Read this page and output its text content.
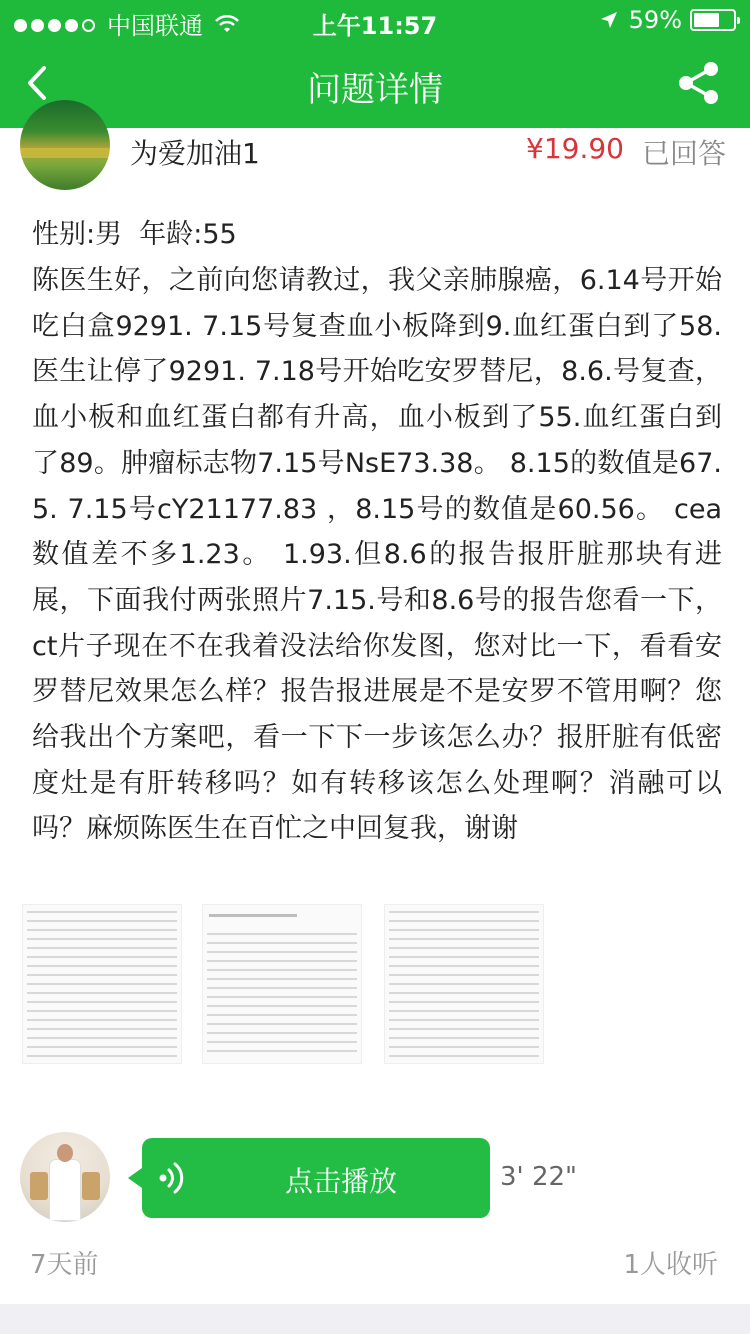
中国联通	上午11:57	59%
问题详情
为爱加油1	¥19.90 已回答
性别:男  年龄:55
陈医生好，之前向您请教过，我父亲肺腺癌，6.14号开始吃白盒9291. 7.15号复查血小板降到9.血红蛋白到了58.医生让停了9291. 7.18号开始吃安罗替尼，8.6.号复查，血小板和血红蛋白都有升高，血小板到了55.血红蛋白到了89。肿瘤标志物7.15号NsE73.38。 8.15的数值是67.5. 7.15号cY21177.83 ，8.15号的数值是60.56。 cea数值差不多1.23。 1.93.但8.6的报告报肝脏那块有进展，下面我付两张照片7.15.号和8.6号的报告您看一下，ct片子现在不在我着没法给你发图，您对比一下，看看安罗替尼效果怎么样？报告报进展是不是安罗不管用啊？您给我出个方案吧，看一下下一步该怎么办？报肝脏有低密度灶是有肝转移吗？如有转移该怎么处理啊？消融可以吗？麻烦陈医生在百忙之中回复我，谢谢
点击播放	3' 22"
7天前	1人收听
